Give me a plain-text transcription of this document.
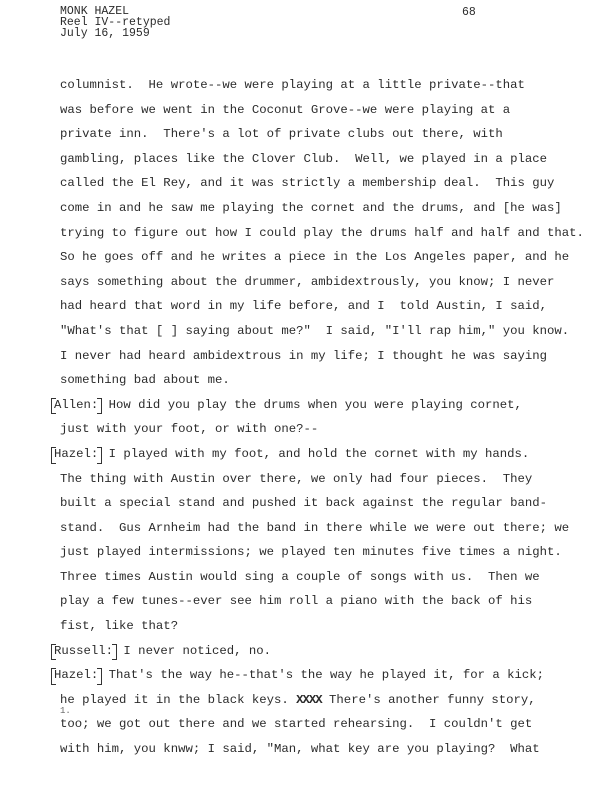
MONK HAZEL
Reel IV--retyped
July 16, 1959
68
columnist.  He wrote--we were playing at a little private--that
was before we went in the Coconut Grove--we were playing at a
private inn.  There's a lot of private clubs out there, with
gambling, places like the Clover Club.  Well, we played in a place
called the El Rey, and it was strictly a membership deal.  This guy
come in and he saw me playing the cornet and the drums, and [he was]
trying to figure out how I could play the drums half and half and that.
So he goes off and he writes a piece in the Los Angeles paper, and he
says something about the drummer, ambidextrously, you know; I never
had heard that word in my life before, and I  told Austin, I said,
"What's that [ ] saying about me?"  I said, "I'll rap him," you know.
I never had heard ambidextrous in my life; I thought he was saying
something bad about me.
Allen: How did you play the drums when you were playing cornet,
just with your foot, or with one?--
Hazel: I played with my foot, and hold the cornet with my hands.
The thing with Austin over there, we only had four pieces.  They
built a special stand and pushed it back against the regular band-
stand.  Gus Arnheim had the band in there while we were out there; we
just played intermissions; we played ten minutes five times a night.
Three times Austin would sing a couple of songs with us.  Then we
play a few tunes--ever see him roll a piano with the back of his
fist, like that?
Russell: I never noticed, no.
Hazel: That's the way he--that's the way he played it, for a kick;
he played it in the black keys. XXXX There's another funny story,
too; we got out there and we started rehearsing.  I couldn't get
with him, you knww; I said, "Man, what key are you playing?  What
1.
